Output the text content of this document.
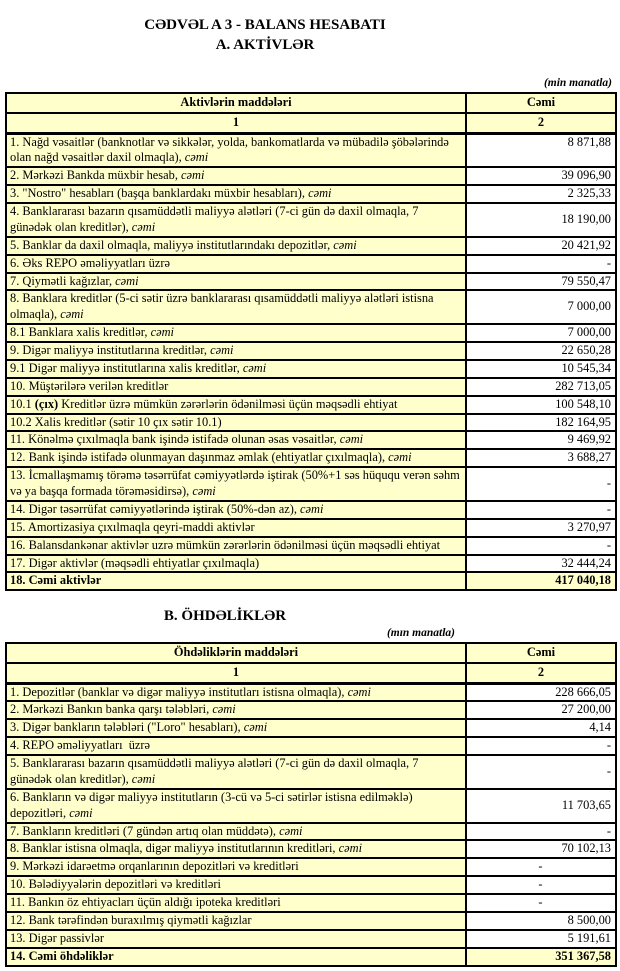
CƏDVƏL A 3 - BALANS HESABATI
A. AKTİVLƏR
(min manatla)
Aktivlərin maddələri	Cəmi
1	2
1. Nağd vəsaitlər (banknotlar və sikkələr, yolda, bankomatlarda və mübadilə şöbələrində olan nağd vəsaitlər daxil olmaqla), cəmi	8 871,88
2. Mərkəzi Bankda müxbir hesab, cəmi	39 096,90
3. "Nostro" hesabları (başqa banklardakı müxbir hesabları), cəmi	2 325,33
4. Banklararası bazarın qısamüddətli maliyyə alətləri (7-ci gün də daxil olmaqla, 7 günədək olan kreditlər), cəmi	18 190,00
5. Banklar da daxil olmaqla, maliyyə institutlarındakı depozitlər, cəmi	20 421,92
6. Əks REPO əməliyyatları üzrə	-
7. Qiymətli kağızlar, cəmi	79 550,47
8. Banklara kreditlər (5-ci sətir üzrə banklararası qısamüddətli maliyyə alətləri istisna olmaqla), cəmi	7 000,00
8.1 Banklara xalis kreditlər, cəmi	7 000,00
9. Digər maliyyə institutlarına kreditlər, cəmi	22 650,28
9.1 Digər maliyyə institutlarına xalis kreditlər, cəmi	10 545,34
10. Müştərilərə verilən kreditlər	282 713,05
10.1 (çıx) Kreditlər üzrə mümkün zərərlərin ödənilməsi üçün məqsədli ehtiyat	100 548,10
10.2 Xalis kreditlər (sətir 10 çıx sətir 10.1)	182 164,95
11. Könəlmə çıxılmaqla bank işində istifadə olunan əsas vəsaitlər, cəmi	9 469,92
12. Bank işində istifadə olunmayan daşınmaz əmlak (ehtiyatlar çıxılmaqla), cəmi	3 688,27
13. İcmallaşmamış törəmə təsərrüfat cəmiyyətlərdə iştirak (50%+1 səs hüququ verən səhm və ya başqa formada törəməsidirsə), cəmi	-
14. Digər təsərrüfat cəmiyyətlərində iştirak (50%-dən az), cəmi	-
15. Amortizasiya çıxılmaqla qeyri-maddi aktivlər	3 270,97
16. Balansdankənar aktivlər uzrə mümkün zərərlərin ödənilməsi üçün məqsədli ehtiyat	-
17. Digər aktivlər (məqsədli ehtiyatlar çıxılmaqla)	32 444,24
18. Cəmi aktivlər	417 040,18
B. ÖHDƏLİKLƏR
(mın manatla)
Öhdəliklərin maddələri	Cəmi
1	2
1. Depozitlər (banklar və digər maliyyə institutları istisna olmaqla), cəmi	228 666,05
2. Mərkəzi Bankın banka qarşı tələbləri, cəmi	27 200,00
3. Digər bankların tələbləri ("Loro" hesabları), cəmi	4,14
4. REPO əməliyyatları  üzrə	-
5. Banklararası bazarın qısamüddətli maliyyə alətləri (7-ci gün də daxil olmaqla, 7 günədək olan kreditlər), cəmi	-
6. Bankların və digər maliyyə institutların (3-cü və 5-ci sətirlər istisna edilməklə) depozitləri, cəmi	11 703,65
7. Bankların kreditləri (7 gündən artıq olan müddətə), cəmi	-
8. Banklar istisna olmaqla, digər maliyyə institutlarının kreditləri, cəmi	70 102,13
9. Mərkəzi idarəetmə orqanlarının depozitləri və kreditləri	-
10. Bələdiyyələrin depozitləri və kreditləri	-
11. Bankın öz ehtiyacları üçün aldığı ipoteka kreditləri	-
12. Bank tərəfindən buraxılmış qiymətli kağızlar	8 500,00
13. Digər passivlər	5 191,61
14. Cəmi öhdəliklər	351 367,58
